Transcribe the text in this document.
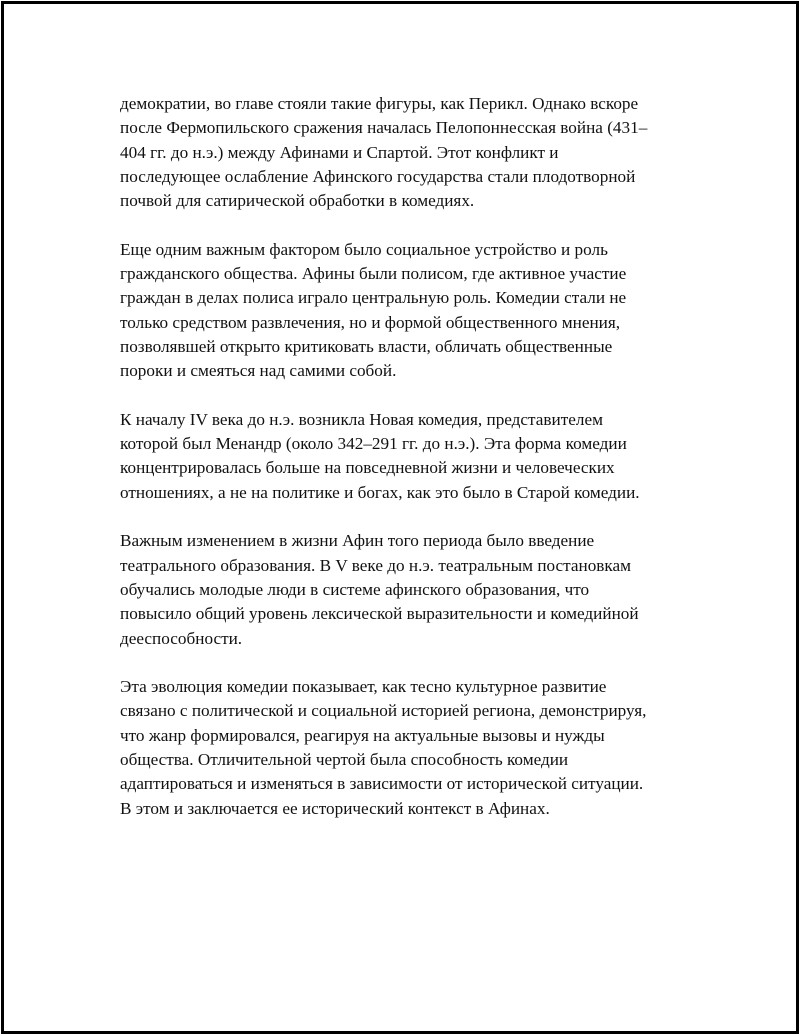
демократии, во главе стояли такие фигуры, как Перикл. Однако вскоре
после Фермопильского сражения началась Пелопоннесская война (431–
404 гг. до н.э.) между Афинами и Спартой. Этот конфликт и
последующее ослабление Афинского государства стали плодотворной
почвой для сатирической обработки в комедиях.

Еще одним важным фактором было социальное устройство и роль
гражданского общества. Афины были полисом, где активное участие
граждан в делах полиса играло центральную роль. Комедии стали не
только средством развлечения, но и формой общественного мнения,
позволявшей открыто критиковать власти, обличать общественные
пороки и смеяться над самими собой.

К началу IV века до н.э. возникла Новая комедия, представителем
которой был Менандр (около 342–291 гг. до н.э.). Эта форма комедии
концентрировалась больше на повседневной жизни и человеческих
отношениях, а не на политике и богах, как это было в Старой комедии.

Важным изменением в жизни Афин того периода было введение
театрального образования. В V веке до н.э. театральным постановкам
обучались молодые люди в системе афинского образования, что
повысило общий уровень лексической выразительности и комедийной
дееспособности.

Эта эволюция комедии показывает, как тесно культурное развитие
связано с политической и социальной историей региона, демонстрируя,
что жанр формировался, реагируя на актуальные вызовы и нужды
общества. Отличительной чертой была способность комедии
адаптироваться и изменяться в зависимости от исторической ситуации.
В этом и заключается ее исторический контекст в Афинах.
